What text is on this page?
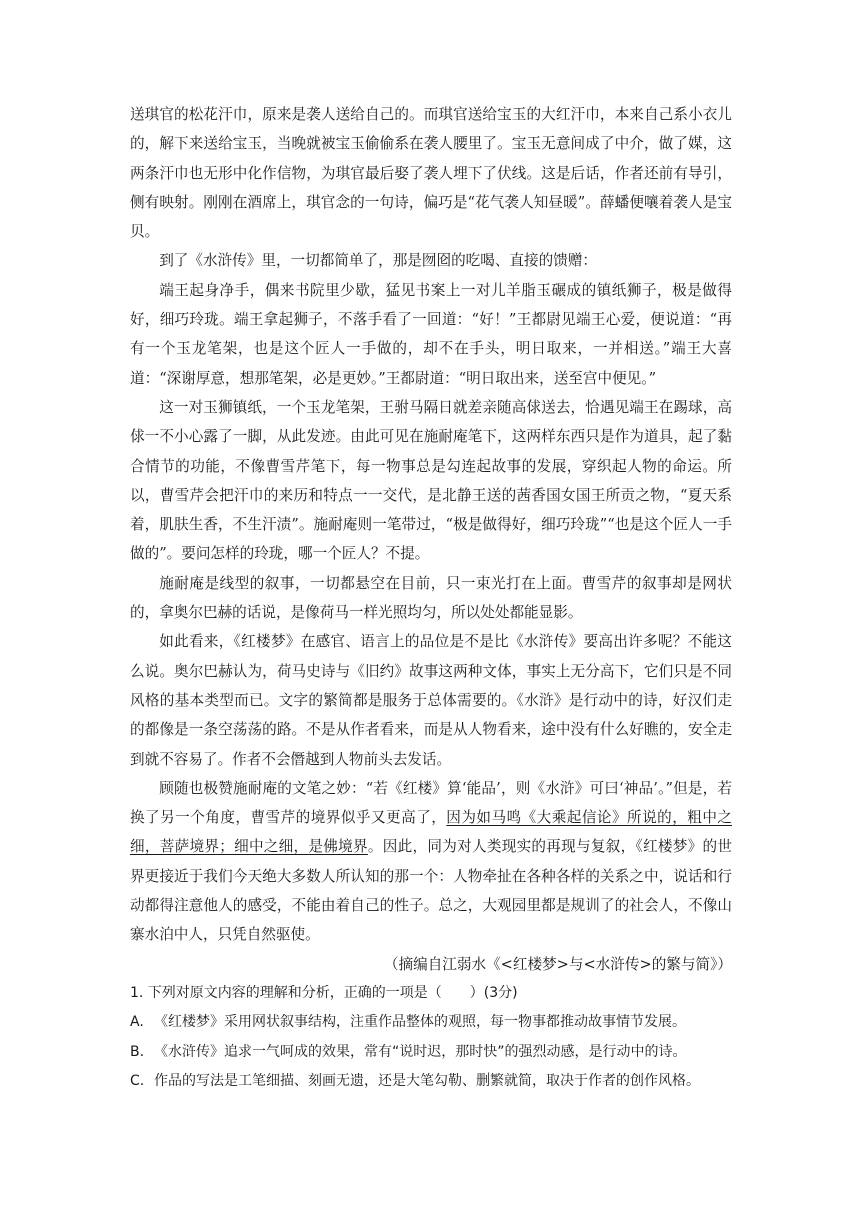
送琪官的松花汗巾，原来是袭人送给自己的。而琪官送给宝玉的大红汗巾，本来自己系小衣儿的，解下来送给宝玉，当晚就被宝玉偷偷系在袭人腰里了。宝玉无意间成了中介，做了媒，这两条汗巾也无形中化作信物，为琪官最后娶了袭人埋下了伏线。这是后话，作者还前有导引，侧有映射。刚刚在酒席上，琪官念的一句诗，偏巧是“花气袭人知昼暖”。薛蟠便嚷着袭人是宝贝。

到了《水浒传》里，一切都简单了，那是囫囵的吃喝、直接的馈赠：

端王起身净手，偶来书院里少歇，猛见书案上一对儿羊脂玉碾成的镇纸狮子，极是做得好，细巧玲珑。端王拿起狮子，不落手看了一回道：“好！”王都尉见端王心爱，便说道：“再有一个玉龙笔架，也是这个匠人一手做的，却不在手头，明日取来，一并相送。”端王大喜道：“深谢厚意，想那笔架，必是更妙。”王都尉道：“明日取出来，送至宫中便见。”

这一对玉狮镇纸，一个玉龙笔架，王驸马隔日就差亲随高俅送去，恰遇见端王在踢球，高俅一不小心露了一脚，从此发迹。由此可见在施耐庵笔下，这两样东西只是作为道具，起了黏合情节的功能，不像曹雪芹笔下，每一物事总是勾连起故事的发展，穿织起人物的命运。所以，曹雪芹会把汗巾的来历和特点一一交代，是北静王送的茜香国女国王所贡之物，“夏天系着，肌肤生香，不生汗渍”。施耐庵则一笔带过，“极是做得好，细巧玲珑”“也是这个匠人一手做的”。要问怎样的玲珑，哪一个匠人？不提。

施耐庵是线型的叙事，一切都悬空在目前，只一束光打在上面。曹雪芹的叙事却是网状的，拿奥尔巴赫的话说，是像荷马一样光照均匀，所以处处都能显影。

如此看来，《红楼梦》在感官、语言上的品位是不是比《水浒传》要高出许多呢？不能这么说。奥尔巴赫认为，荷马史诗与《旧约》故事这两种文体，事实上无分高下，它们只是不同风格的基本类型而已。文字的繁简都是服务于总体需要的。《水浒》是行动中的诗，好汉们走的都像是一条空荡荡的路。不是从作者看来，而是从人物看来，途中没有什么好瞧的，安全走到就不容易了。作者不会僭越到人物前头去发话。

顾随也极赞施耐庵的文笔之妙：“若《红楼》算‘能品’，则《水浒》可曰‘神品’。”但是，若换了另一个角度，曹雪芹的境界似乎又更高了，因为如马鸣《大乘起信论》所说的，粗中之细，菩萨境界；细中之细，是佛境界。因此，同为对人类现实的再现与复叙，《红楼梦》的世界更接近于我们今天绝大多数人所认知的那一个：人物牵扯在各种各样的关系之中，说话和行动都得注意他人的感受，不能由着自己的性子。总之，大观园里都是规训了的社会人，不像山寨水泊中人，只凭自然驱使。

（摘编自江弱水《<红楼梦>与<水浒传>的繁与简》）

1. 下列对原文内容的理解和分析，正确的一项是（　　）(3分)
A. 《红楼梦》采用网状叙事结构，注重作品整体的观照，每一物事都推动故事情节发展。
B. 《水浒传》追求一气呵成的效果，常有“说时迟，那时快”的强烈动感，是行动中的诗。
C. 作品的写法是工笔细描、刻画无遗，还是大笔勾勒、删繁就简，取决于作者的创作风格。
